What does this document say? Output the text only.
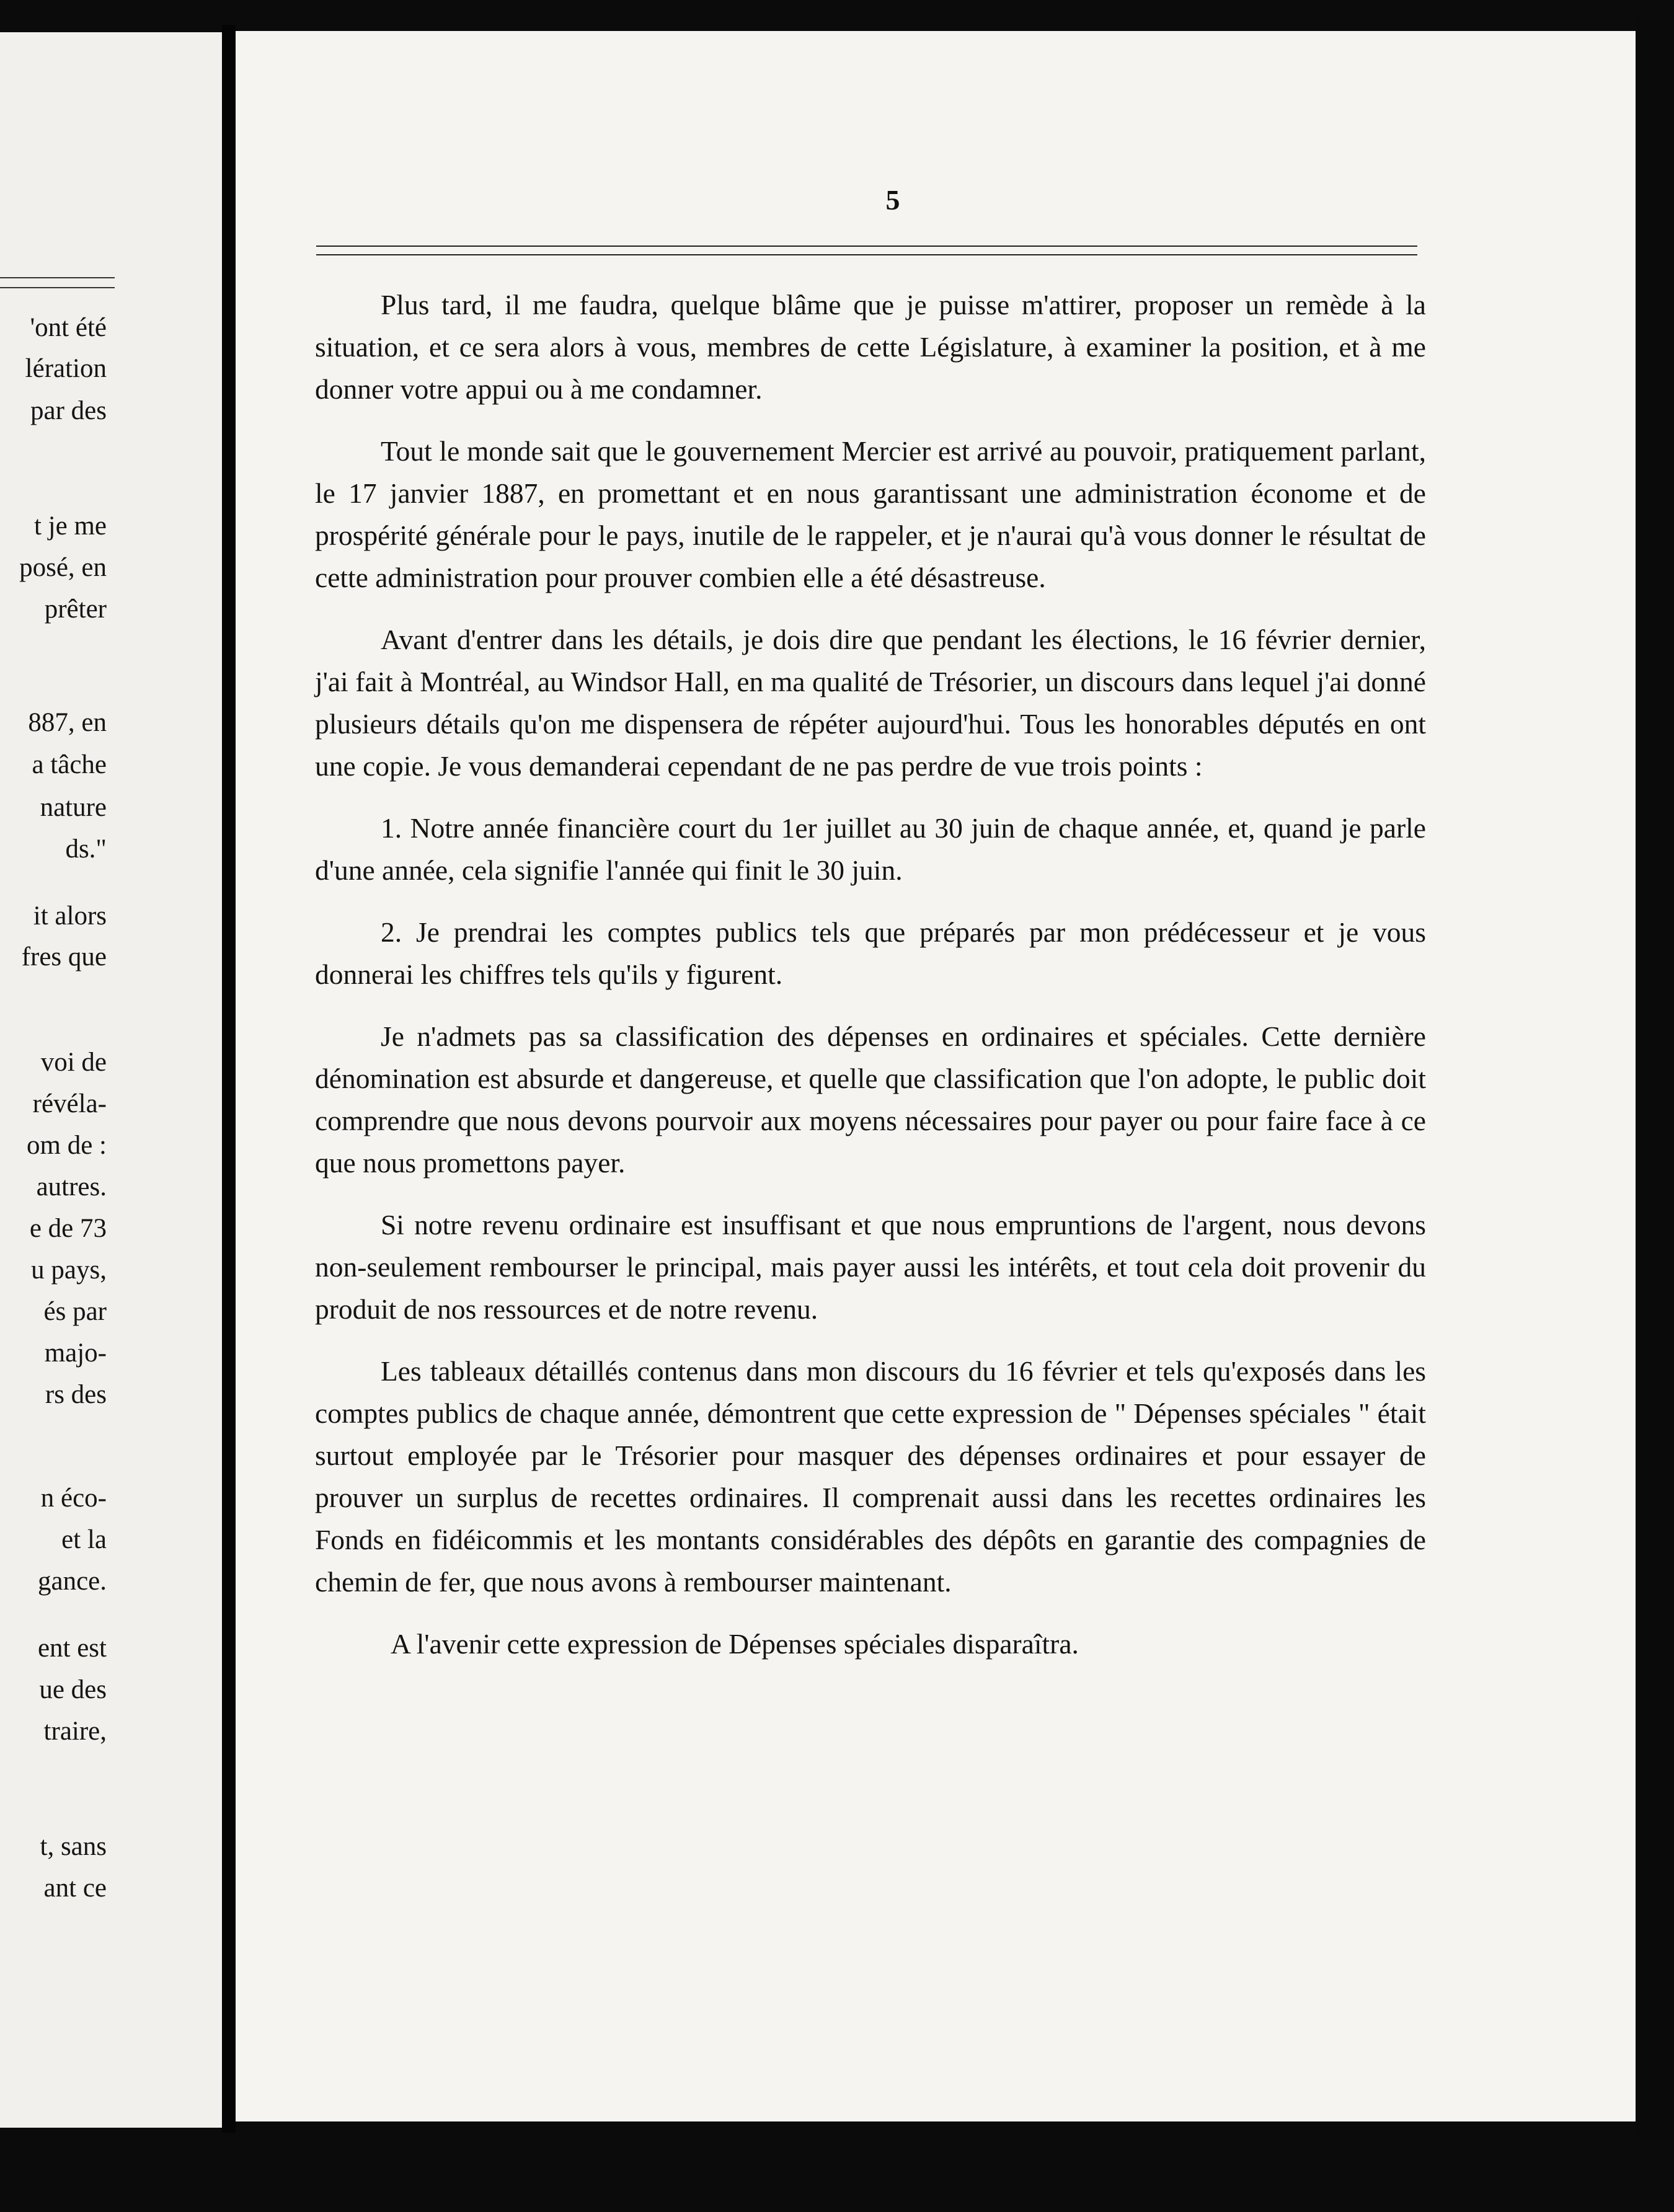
'ont été
lération
par des
t je me
posé, en
prêter
887, en
a tâche
nature
ds."
it alors
fres que
voi de
révéla-
om de :
autres.
e de 73
u pays,
és par
majo-
rs des
n éco-
et la
gance.
ent est
ue des
traire,
t, sans
ant ce
5

Plus tard, il me faudra, quelque blâme que je puisse m'attirer, proposer un remède à la situation, et ce sera alors à vous, membres de cette Législature, à examiner la position, et à me donner votre appui ou à me condamner.

Tout le monde sait que le gouvernement Mercier est arrivé au pouvoir, pratiquement parlant, le 17 janvier 1887, en promettant et en nous garantissant une administration économe et de prospérité générale pour le pays, inutile de le rappeler, et je n'aurai qu'à vous donner le résultat de cette administration pour prouver combien elle a été désastreuse.

Avant d'entrer dans les détails, je dois dire que pendant les élections, le 16 février dernier, j'ai fait à Montréal, au Windsor Hall, en ma qualité de Trésorier, un discours dans lequel j'ai donné plusieurs détails qu'on me dispensera de répéter aujourd'hui. Tous les honorables députés en ont une copie. Je vous demanderai cependant de ne pas perdre de vue trois points :

1. Notre année financière court du 1er juillet au 30 juin de chaque année, et, quand je parle d'une année, cela signifie l'année qui finit le 30 juin.

2. Je prendrai les comptes publics tels que préparés par mon prédécesseur et je vous donnerai les chiffres tels qu'ils y figurent.

Je n'admets pas sa classification des dépenses en ordinaires et spéciales. Cette dernière dénomination est absurde et dangereuse, et quelle que classification que l'on adopte, le public doit comprendre que nous devons pourvoir aux moyens nécessaires pour payer ou pour faire face à ce que nous promettons payer.

Si notre revenu ordinaire est insuffisant et que nous empruntions de l'argent, nous devons non-seulement rembourser le principal, mais payer aussi les intérêts, et tout cela doit provenir du produit de nos ressources et de notre revenu.

Les tableaux détaillés contenus dans mon discours du 16 février et tels qu'exposés dans les comptes publics de chaque année, démontrent que cette expression de " Dépenses spéciales " était surtout employée par le Trésorier pour masquer des dépenses ordinaires et pour essayer de prouver un surplus de recettes ordinaires. Il comprenait aussi dans les recettes ordinaires les Fonds en fidéicommis et les montants considérables des dépôts en garantie des compagnies de chemin de fer, que nous avons à rembourser maintenant.

A l'avenir cette expression de Dépenses spéciales disparaîtra.
